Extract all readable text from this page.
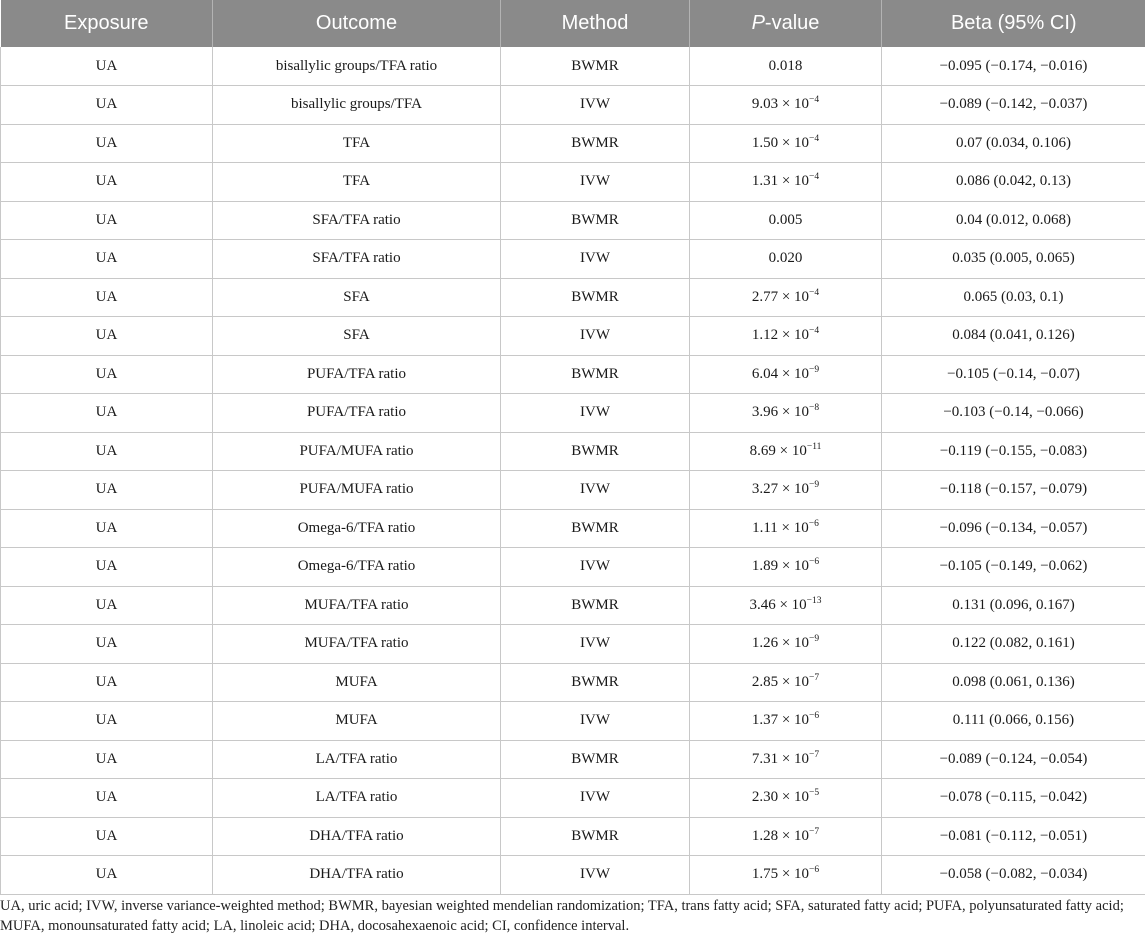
Exposure	Outcome	Method	P-value	Beta (95% CI)
UA	bisallylic groups/TFA ratio	BWMR	0.018	−0.095 (−0.174, −0.016)
UA	bisallylic groups/TFA	IVW	$9.03 \times 10^{-4}$	−0.089 (−0.142, −0.037)
UA	TFA	BWMR	$1.50 \times 10^{-4}$	0.07 (0.034, 0.106)
UA	TFA	IVW	$1.31 \times 10^{-4}$	0.086 (0.042, 0.13)
UA	SFA/TFA ratio	BWMR	0.005	0.04 (0.012, 0.068)
UA	SFA/TFA ratio	IVW	0.020	0.035 (0.005, 0.065)
UA	SFA	BWMR	$2.77 \times 10^{-4}$	0.065 (0.03, 0.1)
UA	SFA	IVW	$1.12 \times 10^{-4}$	0.084 (0.041, 0.126)
UA	PUFA/TFA ratio	BWMR	$6.04 \times 10^{-9}$	−0.105 (−0.14, −0.07)
UA	PUFA/TFA ratio	IVW	$3.96 \times 10^{-8}$	−0.103 (−0.14, −0.066)
UA	PUFA/MUFA ratio	BWMR	$8.69 \times 10^{-11}$	−0.119 (−0.155, −0.083)
UA	PUFA/MUFA ratio	IVW	$3.27 \times 10^{-9}$	−0.118 (−0.157, −0.079)
UA	Omega-6/TFA ratio	BWMR	$1.11 \times 10^{-6}$	−0.096 (−0.134, −0.057)
UA	Omega-6/TFA ratio	IVW	$1.89 \times 10^{-6}$	−0.105 (−0.149, −0.062)
UA	MUFA/TFA ratio	BWMR	$3.46 \times 10^{-13}$	0.131 (0.096, 0.167)
UA	MUFA/TFA ratio	IVW	$1.26 \times 10^{-9}$	0.122 (0.082, 0.161)
UA	MUFA	BWMR	$2.85 \times 10^{-7}$	0.098 (0.061, 0.136)
UA	MUFA	IVW	$1.37 \times 10^{-6}$	0.111 (0.066, 0.156)
UA	LA/TFA ratio	BWMR	$7.31 \times 10^{-7}$	−0.089 (−0.124, −0.054)
UA	LA/TFA ratio	IVW	$2.30 \times 10^{-5}$	−0.078 (−0.115, −0.042)
UA	DHA/TFA ratio	BWMR	$1.28 \times 10^{-7}$	−0.081 (−0.112, −0.051)
UA	DHA/TFA ratio	IVW	$1.75 \times 10^{-6}$	−0.058 (−0.082, −0.034)
UA, uric acid; IVW, inverse variance-weighted method; BWMR, bayesian weighted mendelian randomization; TFA, trans fatty acid; SFA, saturated fatty acid; PUFA, polyunsaturated fatty acid; MUFA, monounsaturated fatty acid; LA, linoleic acid; DHA, docosahexaenoic acid; CI, confidence interval.
